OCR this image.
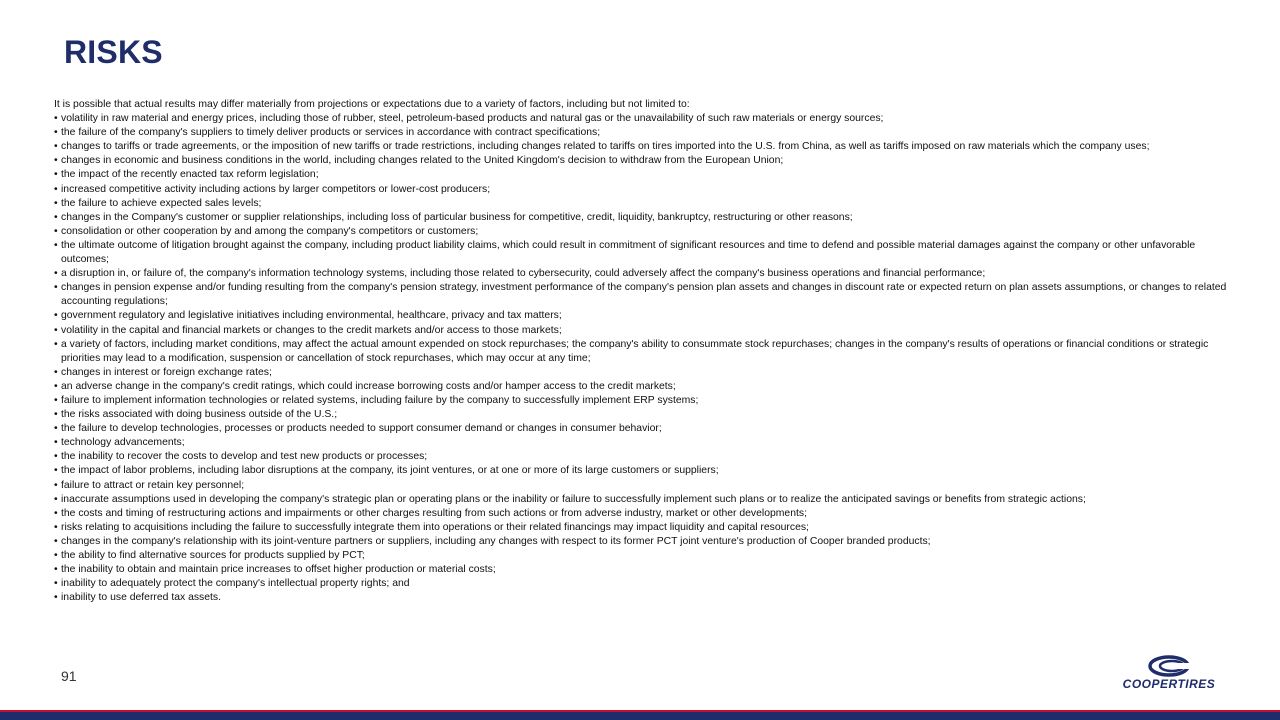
RISKS

It is possible that actual results may differ materially from projections or expectations due to a variety of factors, including but not limited to:

• volatility in raw material and energy prices, including those of rubber, steel, petroleum-based products and natural gas or the unavailability of such raw materials or energy sources;
• the failure of the company's suppliers to timely deliver products or services in accordance with contract specifications;
• changes to tariffs or trade agreements, or the imposition of new tariffs or trade restrictions, including changes related to tariffs on tires imported into the U.S. from China, as well as tariffs imposed on raw materials which the company uses;
• changes in economic and business conditions in the world, including changes related to the United Kingdom's decision to withdraw from the European Union;
• the impact of the recently enacted tax reform legislation;
• increased competitive activity including actions by larger competitors or lower-cost producers;
• the failure to achieve expected sales levels;
• changes in the Company's customer or supplier relationships, including loss of particular business for competitive, credit, liquidity, bankruptcy, restructuring or other reasons;
• consolidation or other cooperation by and among the company's competitors or customers;
• the ultimate outcome of litigation brought against the company, including product liability claims, which could result in commitment of significant resources and time to defend and possible material damages against the company or other unfavorable outcomes;
• a disruption in, or failure of, the company's information technology systems, including those related to cybersecurity, could adversely affect the company's business operations and financial performance;
• changes in pension expense and/or funding resulting from the company's pension strategy, investment performance of the company's pension plan assets and changes in discount rate or expected return on plan assets assumptions, or changes to related accounting regulations;
• government regulatory and legislative initiatives including environmental, healthcare, privacy and tax matters;
• volatility in the capital and financial markets or changes to the credit markets and/or access to those markets;
• a variety of factors, including market conditions, may affect the actual amount expended on stock repurchases; the company's ability to consummate stock repurchases; changes in the company's results of operations or financial conditions or strategic priorities may lead to a modification, suspension or cancellation of stock repurchases, which may occur at any time;
• changes in interest or foreign exchange rates;
• an adverse change in the company's credit ratings, which could increase borrowing costs and/or hamper access to the credit markets;
• failure to implement information technologies or related systems, including failure by the company to successfully implement ERP systems;
• the risks associated with doing business outside of the U.S.;
• the failure to develop technologies, processes or products needed to support consumer demand or changes in consumer behavior;
• technology advancements;
• the inability to recover the costs to develop and test new products or processes;
• the impact of labor problems, including labor disruptions at the company, its joint ventures, or at one or more of its large customers or suppliers;
• failure to attract or retain key personnel;
• inaccurate assumptions used in developing the company's strategic plan or operating plans or the inability or failure to successfully implement such plans or to realize the anticipated savings or benefits from strategic actions;
• the costs and timing of restructuring actions and impairments or other charges resulting from such actions or from adverse industry, market or other developments;
• risks relating to acquisitions including the failure to successfully integrate them into operations or their related financings may impact liquidity and capital resources;
• changes in the company's relationship with its joint-venture partners or suppliers, including any changes with respect to its former PCT joint venture's production of Cooper branded products;
• the ability to find alternative sources for products supplied by PCT;
• the inability to obtain and maintain price increases to offset higher production or material costs;
• inability to adequately protect the company's intellectual property rights; and
• inability to use deferred tax assets.
91	COOPERTIRES
